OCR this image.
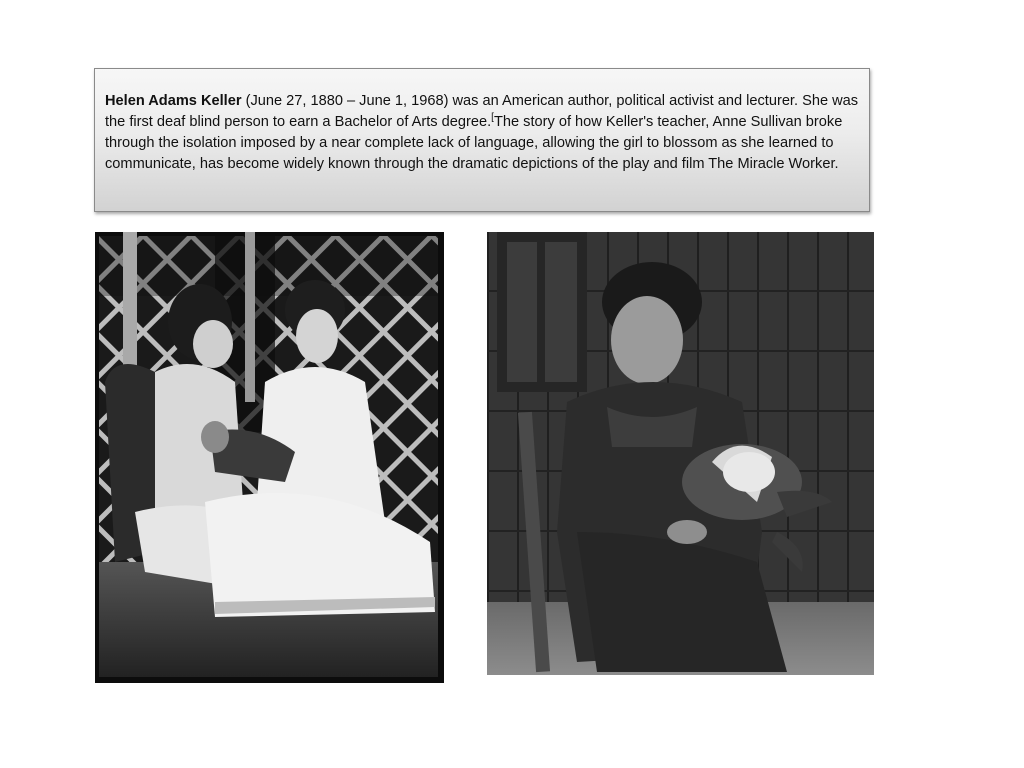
Helen Adams Keller (June 27, 1880 – June 1, 1968) was an American author, political activist and lecturer. She was the first deaf blind person to earn a Bachelor of Arts degree.[The story of how Keller's teacher, Anne Sullivan broke through the isolation imposed by a near complete lack of language, allowing the girl to blossom as she learned to communicate, has become widely known through the dramatic depictions of the play and film The Miracle Worker.
